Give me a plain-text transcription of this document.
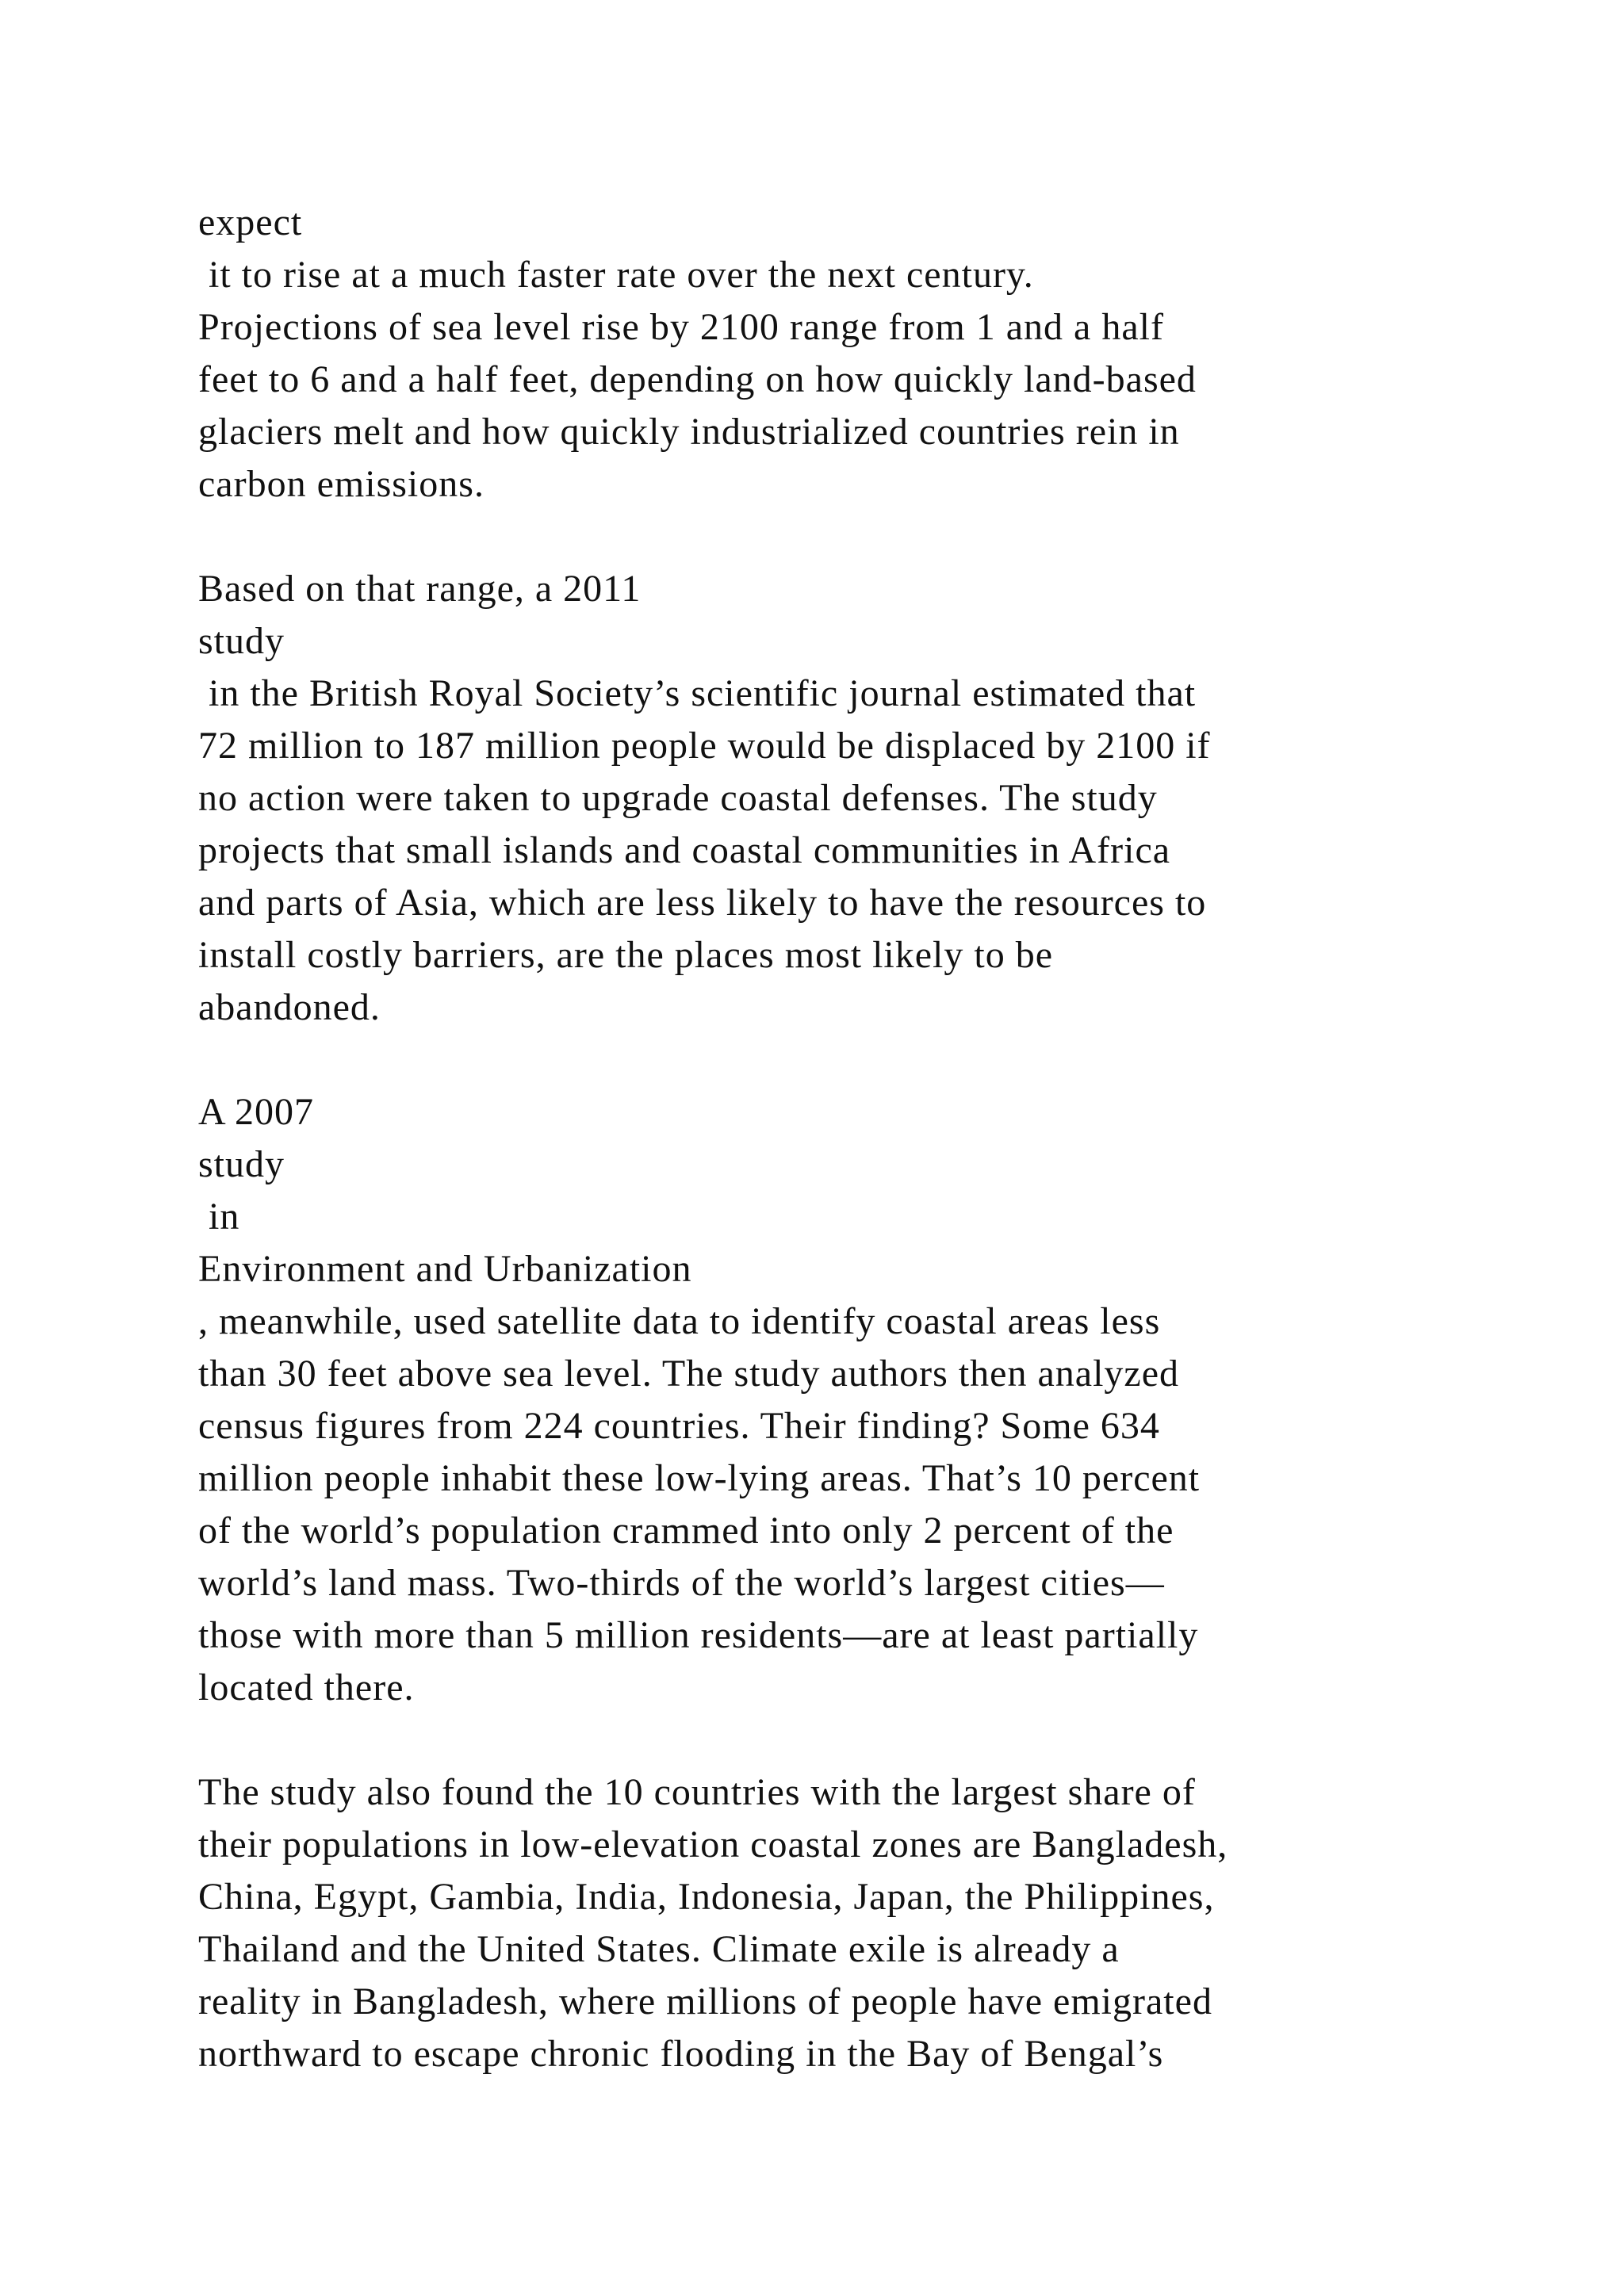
expect
it to rise at a much faster rate over the next century.
Projections of sea level rise by 2100 range from 1 and a half
feet to 6 and a half feet, depending on how quickly land-based
glaciers melt and how quickly industrialized countries rein in
carbon emissions.
Based on that range, a 2011
study
in the British Royal Society’s scientific journal estimated that
72 million to 187 million people would be displaced by 2100 if
no action were taken to upgrade coastal defenses. The study
projects that small islands and coastal communities in Africa
and parts of Asia, which are less likely to have the resources to
install costly barriers, are the places most likely to be
abandoned.
A 2007
study
in
Environment and Urbanization
, meanwhile, used satellite data to identify coastal areas less
than 30 feet above sea level. The study authors then analyzed
census figures from 224 countries. Their finding? Some 634
million people inhabit these low-lying areas. That’s 10 percent
of the world’s population crammed into only 2 percent of the
world’s land mass. Two-thirds of the world’s largest cities—
those with more than 5 million residents—are at least partially
located there.
The study also found the 10 countries with the largest share of
their populations in low-elevation coastal zones are Bangladesh,
China, Egypt, Gambia, India, Indonesia, Japan, the Philippines,
Thailand and the United States. Climate exile is already a
reality in Bangladesh, where millions of people have emigrated
northward to escape chronic flooding in the Bay of Bengal’s
